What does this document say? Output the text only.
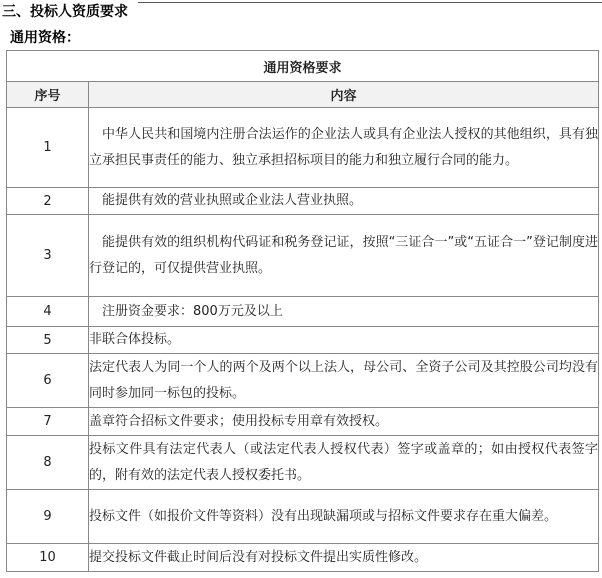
三、投标人资质要求
通用资格：
通用资格要求	
序号	内容
1	中华人民共和国境内注册合法运作的企业法人或具有企业法人授权的其他组织，具有独立承担民事责任的能力、独立承担招标项目的能力和独立履行合同的能力。
2	能提供有效的营业执照或企业法人营业执照。
3	能提供有效的组织机构代码证和税务登记证，按照“三证合一”或“五证合一”登记制度进行登记的，可仅提供营业执照。
4	注册资金要求：800万元及以上
5	非联合体投标。
6	法定代表人为同一个人的两个及两个以上法人，母公司、全资子公司及其控股公司均没有同时参加同一标包的投标。
7	盖章符合招标文件要求；使用投标专用章有效授权。
8	投标文件具有法定代表人（或法定代表人授权代表）签字或盖章的；如由授权代表签字的，附有效的法定代表人授权委托书。
9	投标文件（如报价文件等资料）没有出现缺漏项或与招标文件要求存在重大偏差。
10	提交投标文件截止时间后没有对投标文件提出实质性修改。
